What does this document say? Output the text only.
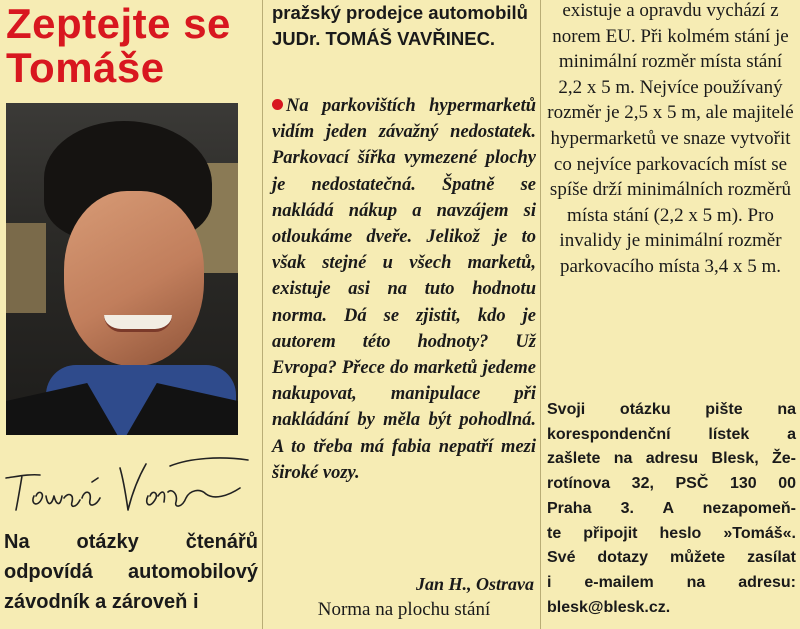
Zeptejte se
Tomáše
Na otázky čtenářů odpovídá automobilový závodník a zároveň i
pražský prodejce automobilů JUDr. TOMÁŠ VAVŘINEC.
Na parkovištích hypermarketů vidím jeden závažný nedostatek. Parkovací šířka vymezené plochy je nedostatečná. Špatně se nakládá nákup a navzájem si otloukáme dveře. Jelikož je to však stejné u všech marketů, existuje asi na tuto hodnotu norma. Dá se zjistit, kdo je autorem této hodnoty? Už Evropa? Přece do marketů jedeme nakupovat, manipulace při nakládání by měla být pohodlná. A to třeba má fabia nepatří mezi široké vozy.
Jan H., Ostrava
Norma na plochu stání
existuje a opravdu vychází z norem EU. Při kolmém stání je minimální rozměr místa stání 2,2 x 5 m. Nejvíce používaný rozměr je 2,5 x 5 m, ale majitelé hypermarketů ve snaze vytvořit co nejvíce parkovacích míst se spíše drží minimálních rozměrů místa stání (2,2 x 5 m). Pro invalidy je minimální rozměr parkovacího místa 3,4 x 5 m.
Svoji otázku pište na
korespondenční lístek a
zašlete na adresu Blesk, Že-
rotínova 32, PSČ 130 00
Praha 3. A nezapomeň-
te připojit heslo »Tomáš«.
Své dotazy můžete zasílat
i e-mailem na adresu:
blesk@blesk.cz.
